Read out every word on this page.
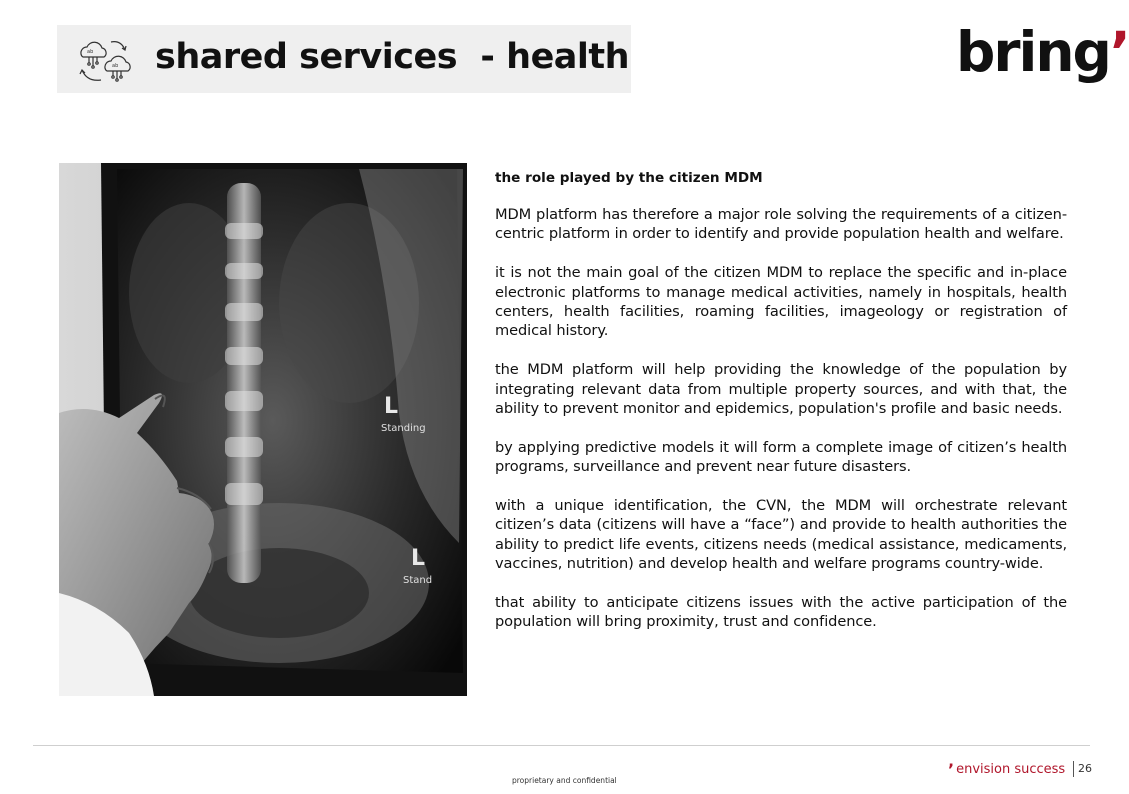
ab
ab shared services  - health	bring’
L
Standing
L
Stand
the role played by the citizen MDM

MDM platform has therefore a major role solving the requirements of a citizen-centric platform in order to identify and provide population health and welfare.

it is not the main goal of the citizen MDM to replace the specific and in-place electronic platforms to manage medical activities, namely in hospitals, health centers, health facilities, roaming facilities, imageology or registration of medical history.

the MDM platform will help providing the knowledge of the population by integrating relevant data from multiple property sources, and with that, the ability to prevent monitor and epidemics, population's profile and basic needs.

by applying predictive models it will form a complete image of citizen’s health programs, surveillance and prevent near future disasters.

with a unique identification, the CVN, the MDM will orchestrate relevant citizen’s data (citizens will have a “face”) and provide to health authorities the ability to predict life events, citizens needs (medical assistance, medicaments, vaccines, nutrition) and develop health and welfare programs country-wide.

that ability to anticipate citizens issues with the active participation of the population will bring proximity, trust and confidence.

proprietary and confidential
’ envision success	26
